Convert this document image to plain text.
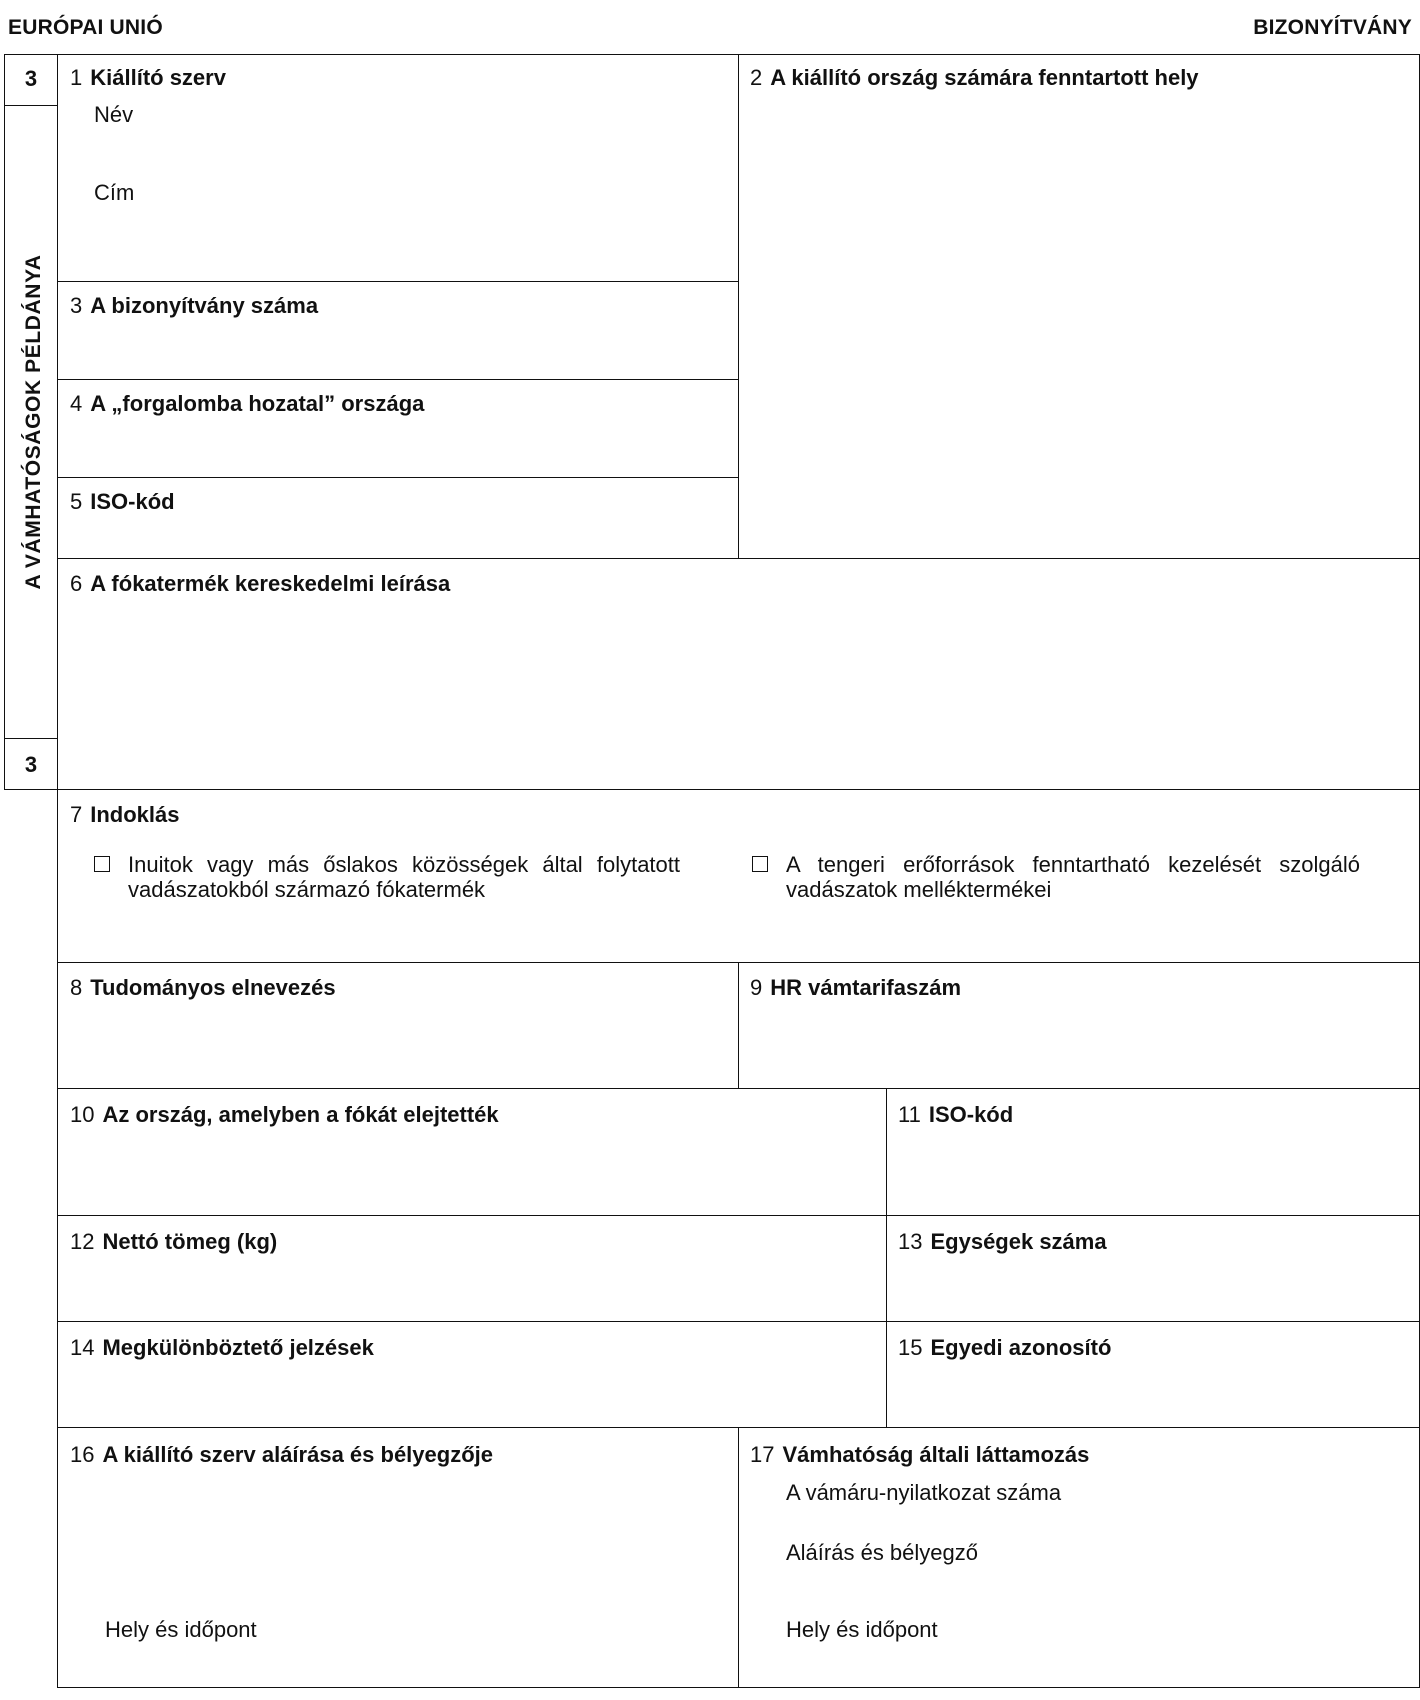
EURÓPAI UNIÓ	BIZONYÍTVÁNY
3
3
A VÁMHATÓSÁGOK PÉLDÁNYA
1 Kiállító szerv
Név
Cím
2 A kiállító ország számára fenntartott hely
3 A bizonyítvány száma
4 A „forgalomba hozatal” országa
5 ISO-kód
6 A fókatermék kereskedelmi leírása
7 Indoklás
Inuitok vagy más őslakos közösségek által folytatott vadászatokból származó fókatermék
A tengeri erőforrások fenntartható kezelését szolgáló vadászatok melléktermékei
8 Tudományos elnevezés	9 HR vámtarifaszám
10 Az ország, amelyben a fókát elejtették	11 ISO-kód
12 Nettó tömeg (kg)	13 Egységek száma
14 Megkülönböztető jelzések	15 Egyedi azonosító
16 A kiállító szerv aláírása és bélyegzője
Hely és időpont
17 Vámhatóság általi láttamozás
A vámáru-nyilatkozat száma
Aláírás és bélyegző
Hely és időpont
